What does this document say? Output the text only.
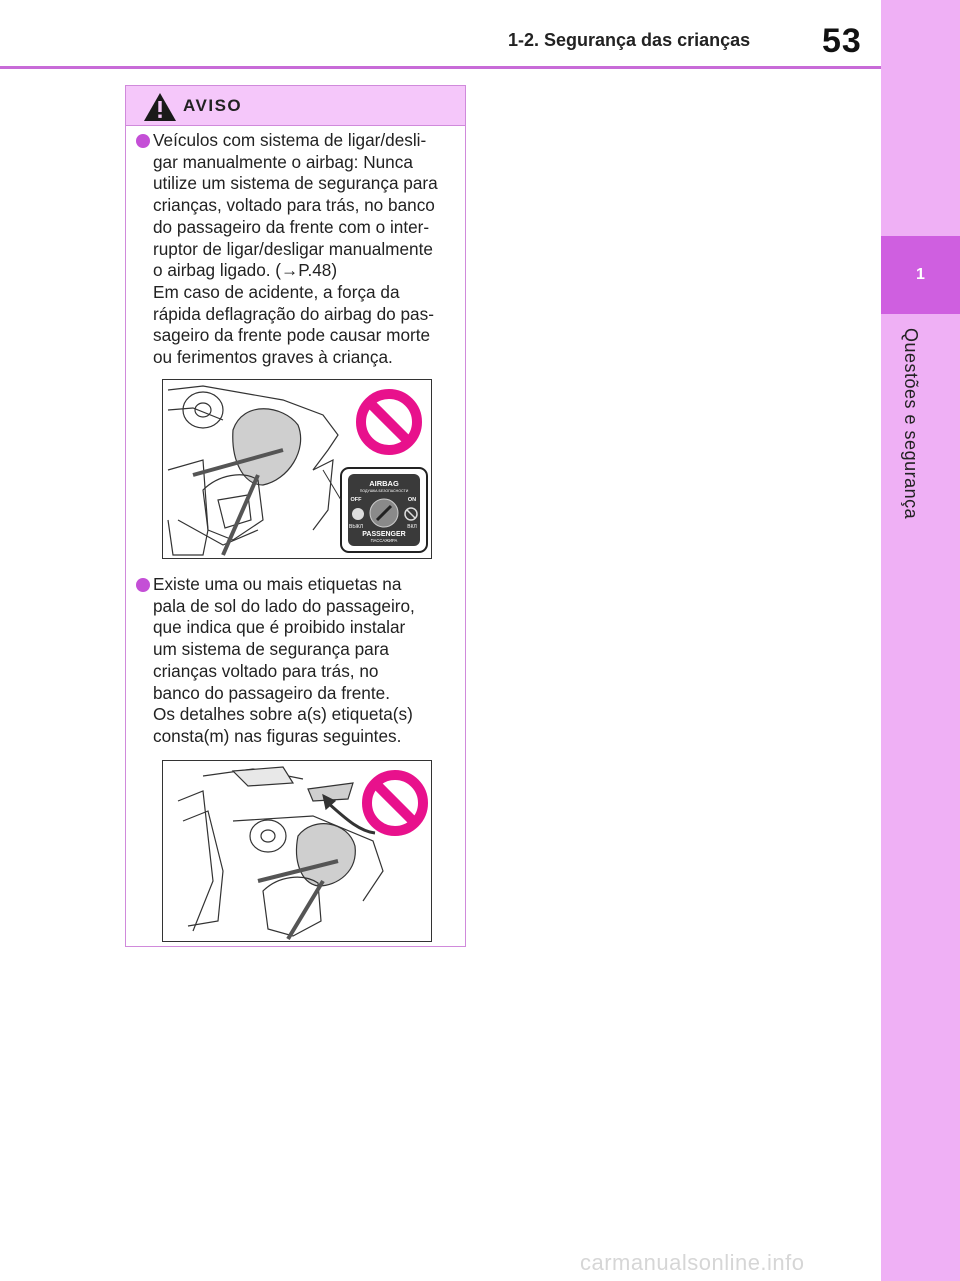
1-2. Segurança das crianças	53
1
Questões e segurança
AVISO

Veículos com sistema de ligar/desli-
gar manualmente o airbag: Nunca
utilize um sistema de segurança para
crianças, voltado para trás, no banco
do passageiro da frente com o inter-
ruptor de ligar/desligar manualmente
o airbag ligado. (→P.48)
Em caso de acidente, a força da
rápida deflagração do airbag do pas-
sageiro da frente pode causar morte
ou ferimentos graves à criança.

AIRBAG
ПОДУШКА БЕЗОПАСНОСТИ
OFF	ON
ВЫКЛ	ВКЛ
PASSENGER
ПАССАЖИРА

Existe uma ou mais etiquetas na
pala de sol do lado do passageiro,
que indica que é proibido instalar
um sistema de segurança para
crianças voltado para trás, no
banco do passageiro da frente.
Os detalhes sobre a(s) etiqueta(s)
consta(m) nas figuras seguintes.

carmanualsonline.info
